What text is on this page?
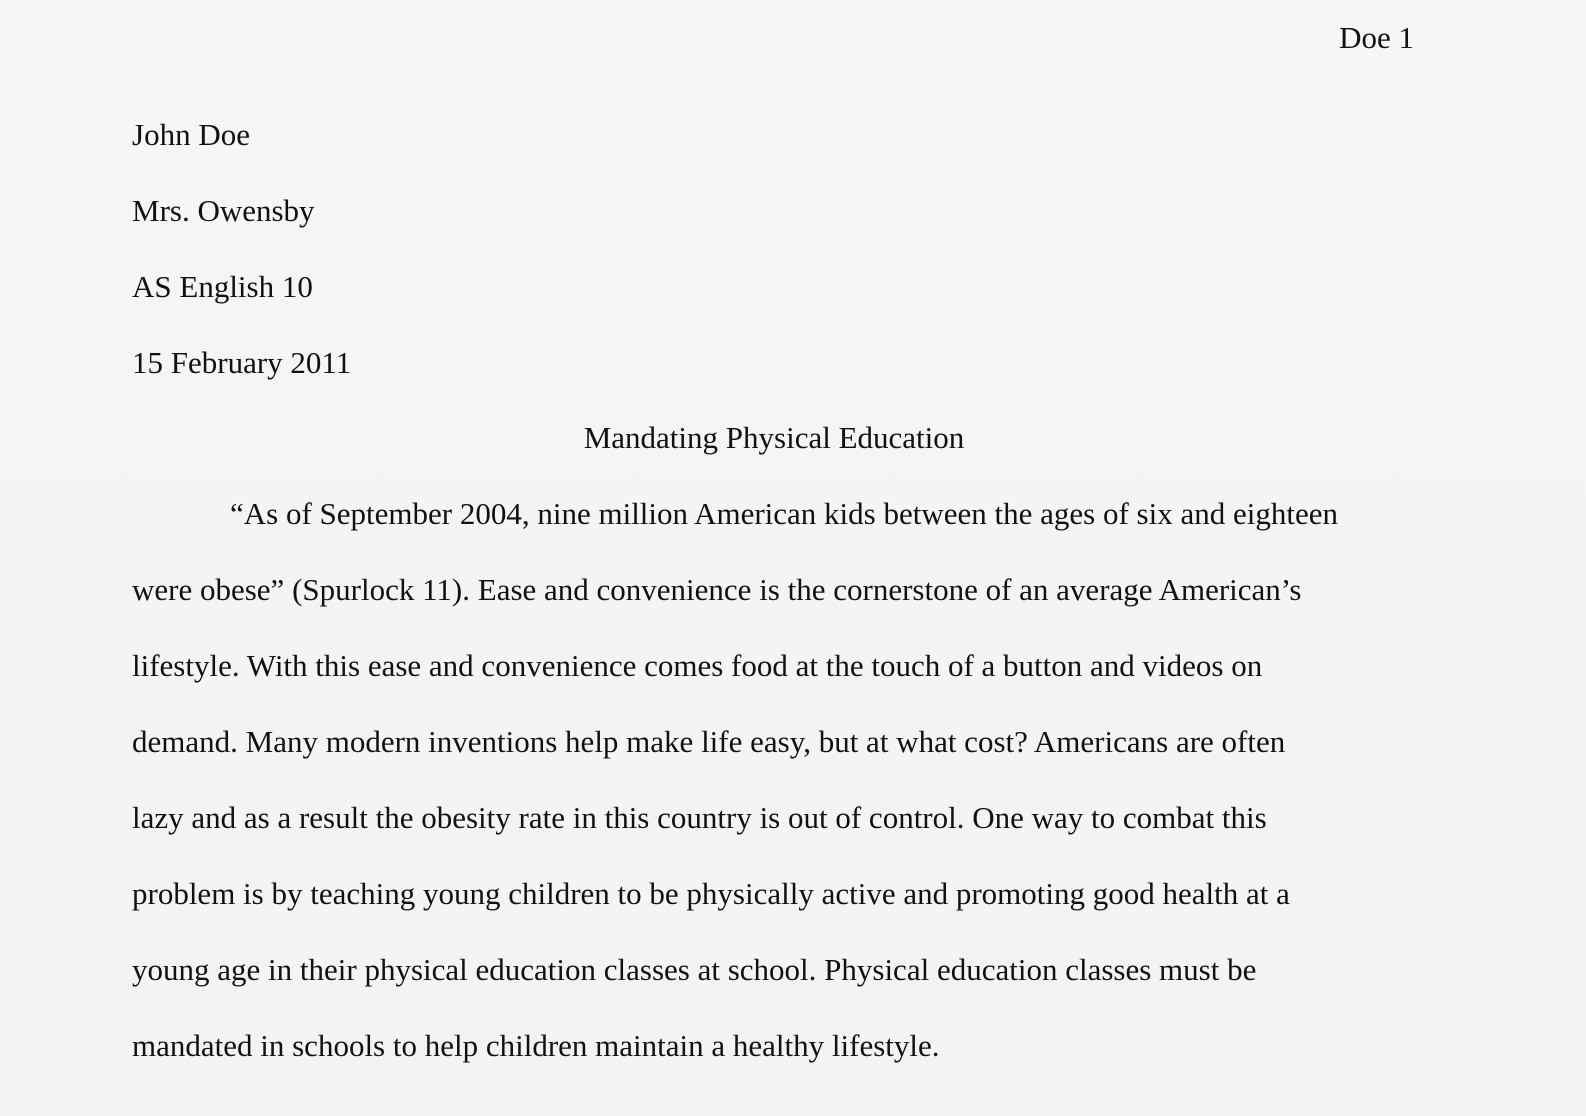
Doe 1
John Doe
Mrs. Owensby
AS English 10
15 February 2011
Mandating Physical Education
“As of September 2004, nine million American kids between the ages of six and eighteen
were obese” (Spurlock 11). Ease and convenience is the cornerstone of an average American’s
lifestyle. With this ease and convenience comes food at the touch of a button and videos on
demand. Many modern inventions help make life easy, but at what cost? Americans are often
lazy and as a result the obesity rate in this country is out of control. One way to combat this
problem is by teaching young children to be physically active and promoting good health at a
young age in their physical education classes at school. Physical education classes must be
mandated in schools to help children maintain a healthy lifestyle.
